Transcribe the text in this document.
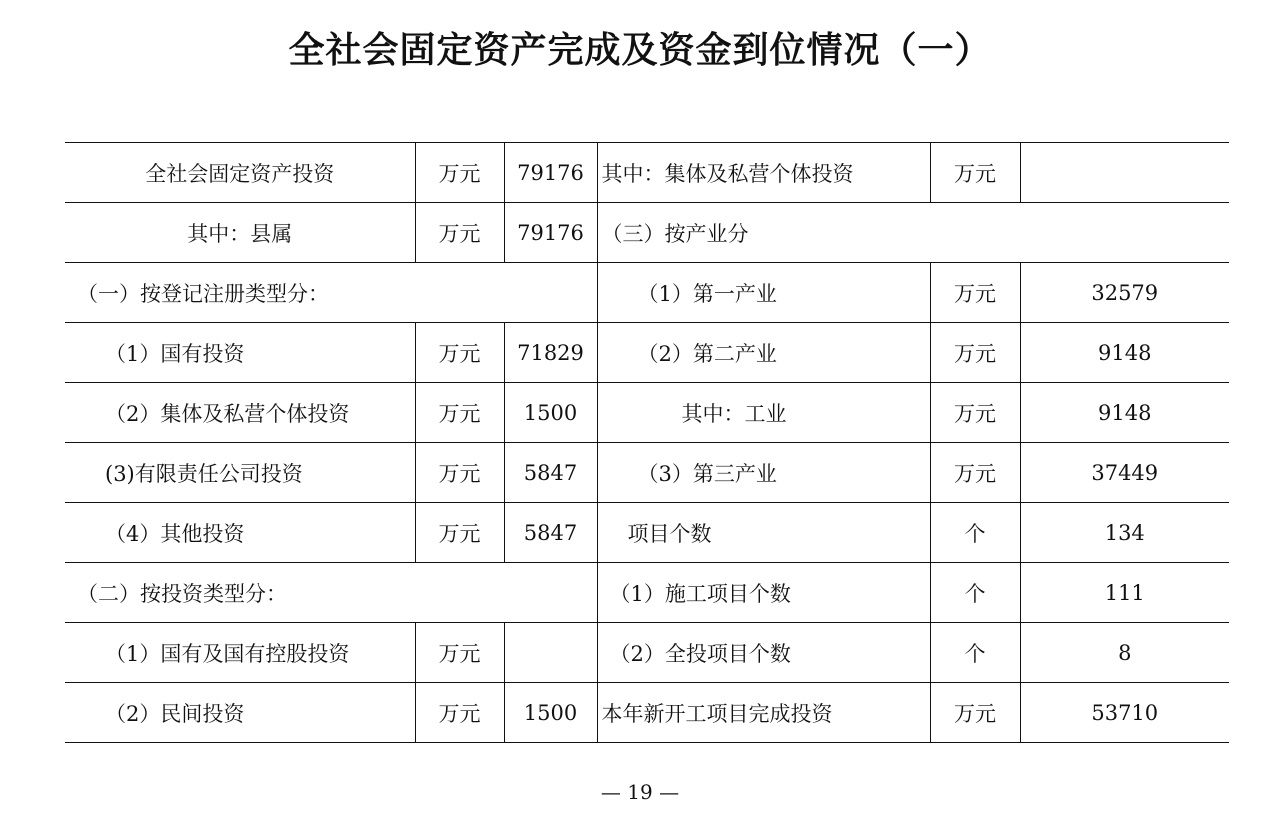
全社会固定资产完成及资金到位情况（一）
全社会固定资产投资	万元	79176	其中：集体及私营个体投资	万元	
其中：县属	万元	79176	（三）按产业分		
（一）按登记注册类型分：			（1）第一产业	万元	32579
（1）国有投资	万元	71829	（2）第二产业	万元	9148
（2）集体及私营个体投资	万元	1500	其中：工业	万元	9148
(3)有限责任公司投资	万元	5847	（3）第三产业	万元	37449
（4）其他投资	万元	5847	项目个数	个	134
（二）按投资类型分：			（1）施工项目个数	个	111
（1）国有及国有控股投资	万元		（2）全投项目个数	个	8
（2）民间投资	万元	1500	本年新开工项目完成投资	万元	53710
— 19 —
